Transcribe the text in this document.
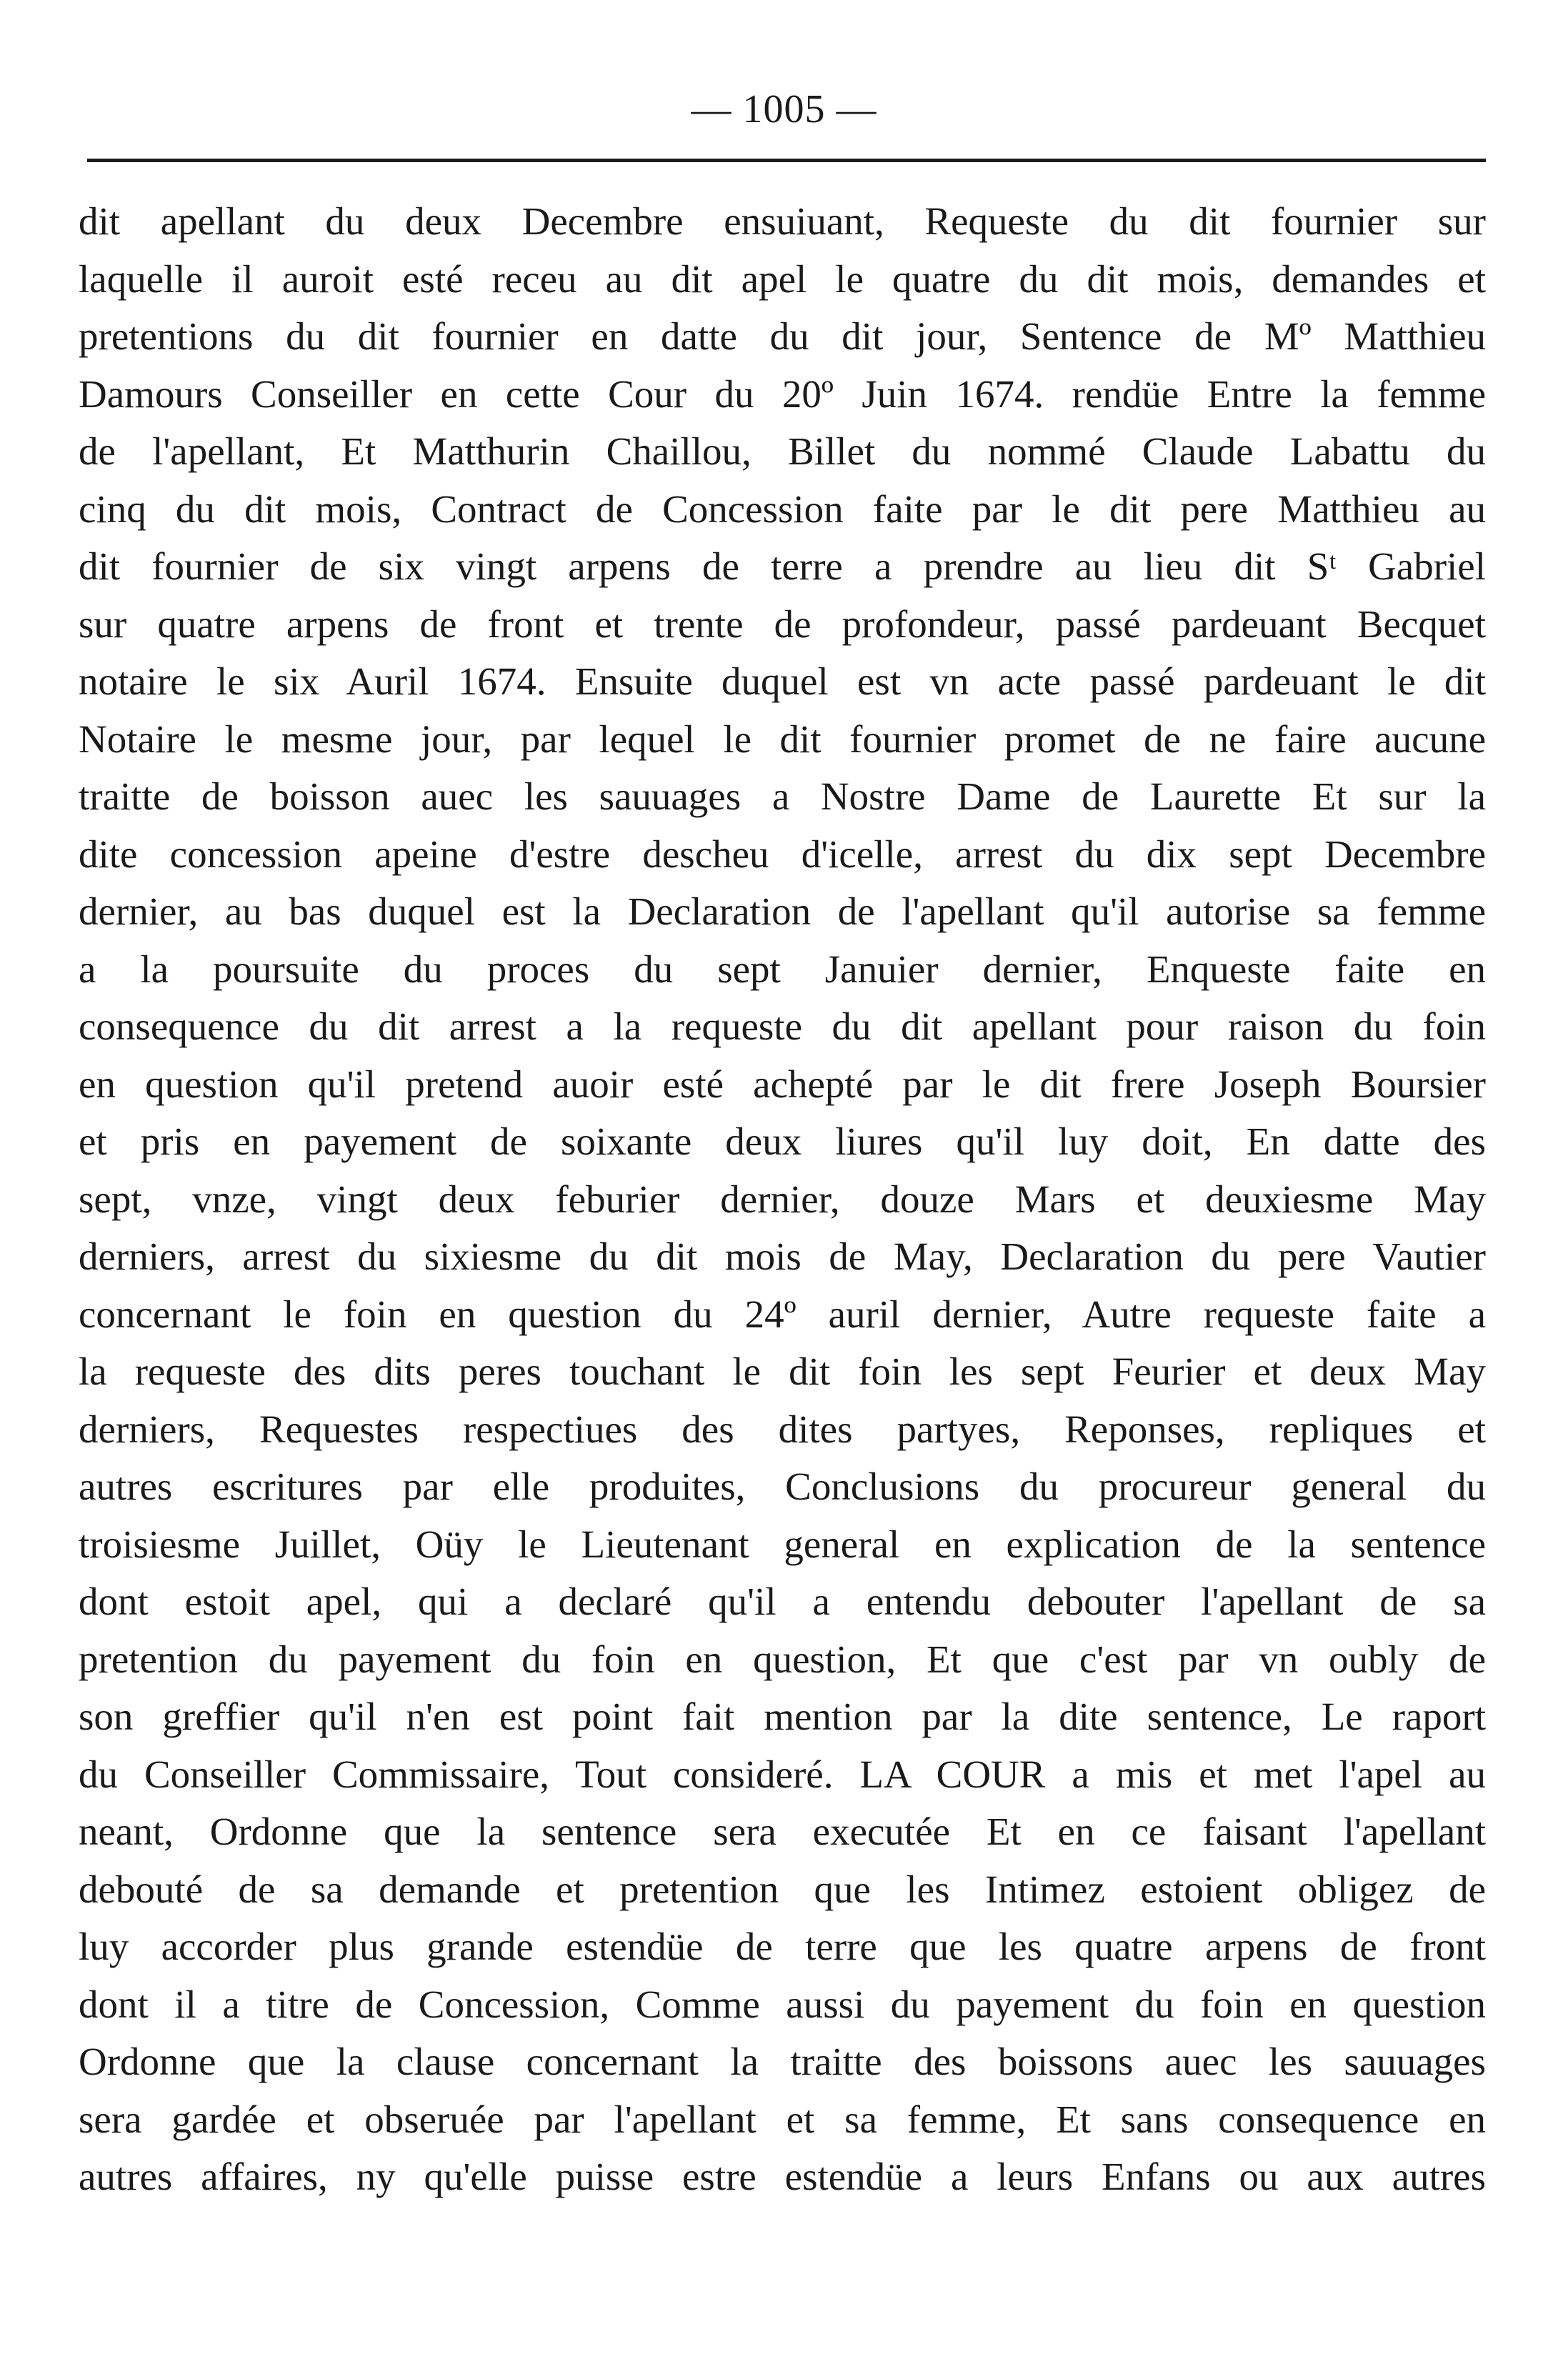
— 1005 —
dit apellant du deux Decembre ensuiuant, Requeste du dit fournier sur
laquelle il auroit esté receu au dit apel le quatre du dit mois, demandes et
pretentions du dit fournier en datte du dit jour, Sentence de Mº Matthieu
Damours Conseiller en cette Cour du 20º Juin 1674. rendüe Entre la femme
de l'apellant, Et Matthurin Chaillou, Billet du nommé Claude Labattu du
cinq du dit mois, Contract de Concession faite par le dit pere Matthieu au
dit fournier de six vingt arpens de terre a prendre au lieu dit Sᵗ Gabriel
sur quatre arpens de front et trente de profondeur, passé pardeuant Becquet
notaire le six Auril 1674. Ensuite duquel est vn acte passé pardeuant le dit
Notaire le mesme jour, par lequel le dit fournier promet de ne faire aucune
traitte de boisson auec les sauuages a Nostre Dame de Laurette Et sur la
dite concession apeine d'estre descheu d'icelle, arrest du dix sept Decembre
dernier, au bas duquel est la Declaration de l'apellant qu'il autorise sa femme
a la poursuite du proces du sept Januier dernier, Enqueste faite en
consequence du dit arrest a la requeste du dit apellant pour raison du foin
en question qu'il pretend auoir esté achepté par le dit frere Joseph Boursier
et pris en payement de soixante deux liures qu'il luy doit, En datte des
sept, vnze, vingt deux feburier dernier, douze Mars et deuxiesme May
derniers, arrest du sixiesme du dit mois de May, Declaration du pere Vautier
concernant le foin en question du 24º auril dernier, Autre requeste faite a
la requeste des dits peres touchant le dit foin les sept Feurier et deux May
derniers, Requestes respectiues des dites partyes, Reponses, repliques et
autres escritures par elle produites, Conclusions du procureur general du
troisiesme Juillet, Oüy le Lieutenant general en explication de la sentence
dont estoit apel, qui a declaré qu'il a entendu debouter l'apellant de sa
pretention du payement du foin en question, Et que c'est par vn oubly de
son greffier qu'il n'en est point fait mention par la dite sentence, Le raport
du Conseiller Commissaire, Tout consideré. LA COUR a mis et met l'apel au
neant, Ordonne que la sentence sera executée Et en ce faisant l'apellant
debouté de sa demande et pretention que les Intimez estoient obligez de
luy accorder plus grande estendüe de terre que les quatre arpens de front
dont il a titre de Concession, Comme aussi du payement du foin en question
Ordonne que la clause concernant la traitte des boissons auec les sauuages
sera gardée et obseruée par l'apellant et sa femme, Et sans consequence en
autres affaires, ny qu'elle puisse estre estendüe a leurs Enfans ou aux autres
